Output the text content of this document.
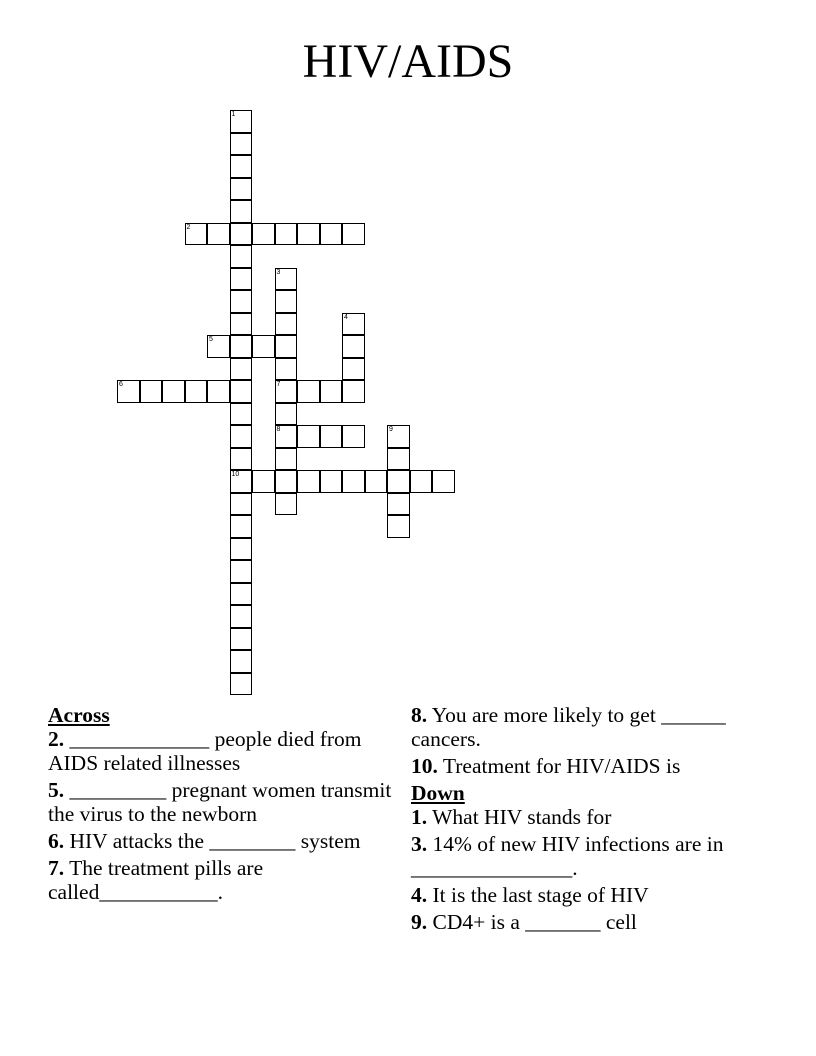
HIV/AIDS
1
10
2
3
7
8
4
5
6
9
Across

2. _____________ people died from AIDS related illnesses

5. _________ pregnant women transmit the virus to the newborn

6. HIV attacks the ________ system

7. The treatment pills are called___________.

8. You are more likely to get ______ cancers.

10. Treatment for HIV/AIDS is

Down

1. What HIV stands for

3. 14% of new HIV infections are in _______________.

4. It is the last stage of HIV

9. CD4+ is a _______ cell
